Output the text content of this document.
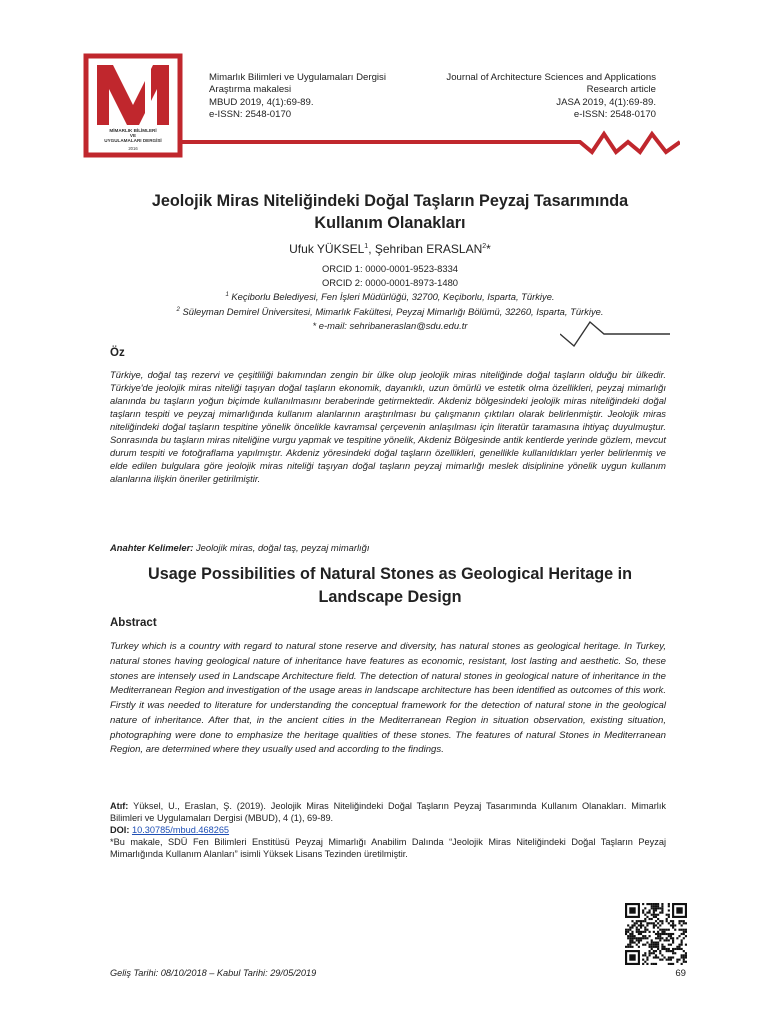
MİMARLIK BİLİMLERİ
VE
UYGULAMALARI DERGİSİ
2016
Mimarlık Bilimleri ve Uygulamaları Dergisi
Araştırma makalesi
MBUD 2019, 4(1):69-89.
e-ISSN: 2548-0170
Journal of Architecture Sciences and Applications
Research article
JASA 2019, 4(1):69-89.
e-ISSN: 2548-0170
Jeolojik Miras Niteliğindeki Doğal Taşların Peyzaj Tasarımında
Kullanım Olanakları
Ufuk YÜKSEL$^1$, Şehriban ERASLAN$^2$*
ORCID 1: 0000-0001-9523-8334
ORCID 2: 0000-0001-8973-1480
$^1$ Keçiborlu Belediyesi, Fen İşleri Müdürlüğü, 32700, Keçiborlu, Isparta, Türkiye.
$^2$ Süleyman Demirel Üniversitesi, Mimarlık Fakültesi, Peyzaj Mimarlığı Bölümü, 32260, Isparta, Türkiye.
* e-mail: sehribaneraslan@sdu.edu.tr
Öz
Türkiye, doğal taş rezervi ve çeşitliliği bakımından zengin bir ülke olup jeolojik miras niteliğinde doğal taşların olduğu bir ülkedir. Türkiye'de jeolojik miras niteliği taşıyan doğal taşların ekonomik, dayanıklı, uzun ömürlü ve estetik olma özellikleri, peyzaj mimarlığı alanında bu taşların yoğun biçimde kullanılmasını beraberinde getirmektedir. Akdeniz bölgesindeki jeolojik miras niteliğindeki doğal taşların tespiti ve peyzaj mimarlığında kullanım alanlarının araştırılması bu çalışmanın çıktıları olarak belirlenmiştir. Jeolojik miras niteliğindeki doğal taşların tespitine yönelik öncelikle kavramsal çerçevenin anlaşılması için literatür taramasına ihtiyaç duyulmuştur. Sonrasında bu taşların miras niteliğine vurgu yapmak ve tespitine yönelik, Akdeniz Bölgesinde antik kentlerde yerinde gözlem, mevcut durum tespiti ve fotoğraflama yapılmıştır. Akdeniz yöresindeki doğal taşların özellikleri, genellikle kullanıldıkları yerler belirlenmiş ve elde edilen bulgulara göre jeolojik miras niteliği taşıyan doğal taşların peyzaj mimarlığı meslek disiplinine yönelik uygun kullanım alanlarına ilişkin öneriler getirilmiştir.
Anahter Kelimeler: Jeolojik miras, doğal taş, peyzaj mimarlığı
Usage Possibilities of Natural Stones as Geological Heritage in
Landscape Design
Abstract
Turkey which is a country with regard to natural stone reserve and diversity, has natural stones as geological heritage. In Turkey, natural stones having geological nature of inheritance have features as economic, resistant, lost lasting and aesthetic. So, these stones are intensely used in Landscape Architecture field. The detection of natural stones in geological nature of inheritance in the Mediterranean Region and investigation of the usage areas in landscape architecture has been identified as outcomes of this work. Firstly it was needed to literature for understanding the conceptual framework for the detection of natural stone in the geological nature of inheritance. After that, in the ancient cities in the Mediterranean Region in situation observation, existing situation, photographing were done to emphasize the heritage qualities of these stones. The features of natural Stones in Mediterranean Region, are determined where they usually used and according to the findings.
Atıf: Yüksel, U., Eraslan, Ş. (2019). Jeolojik Miras Niteliğindeki Doğal Taşların Peyzaj Tasarımında Kullanım Olanakları. Mimarlık Bilimleri ve Uygulamaları Dergisi (MBUD), 4 (1), 69-89.
DOI: 10.30785/mbud.468265
*Bu makale, SDÜ Fen Bilimleri Enstitüsü Peyzaj Mimarlığı Anabilim Dalında “Jeolojik Miras Niteliğindeki Doğal Taşların Peyzaj Mimarlığında Kullanım Alanları” isimli Yüksek Lisans Tezinden üretilmiştir.
Geliş Tarihi: 08/10/2018 – Kabul Tarihi: 29/05/2019	69
